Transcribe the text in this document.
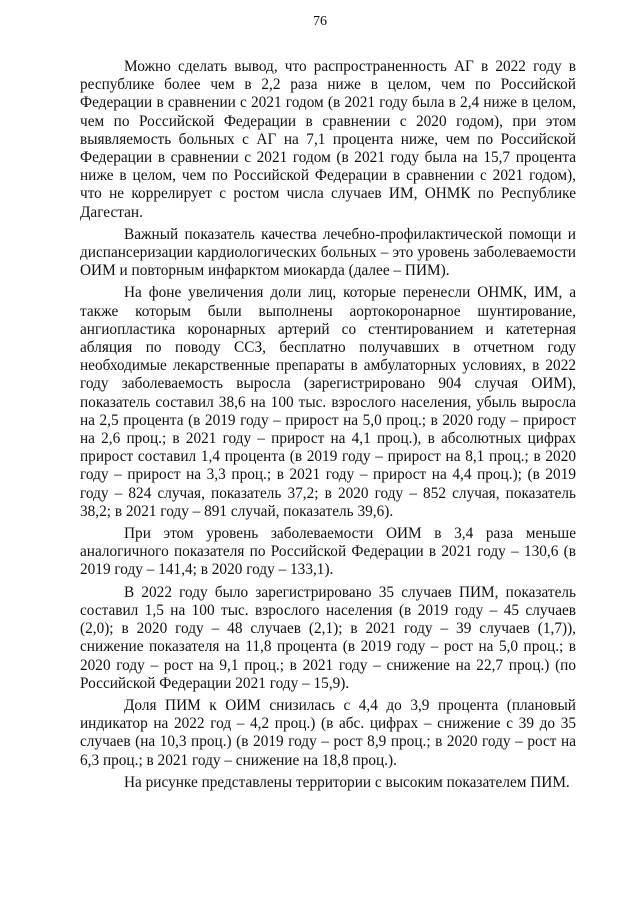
76

Можно сделать вывод, что распространенность АГ в 2022 году в республике более чем в 2,2 раза ниже в целом, чем по Российской Федерации в сравнении с 2021 годом (в 2021 году была в 2,4 ниже в целом, чем по Российской Федерации в сравнении с 2020 годом), при этом выявляемость больных с АГ на 7,1 процента ниже, чем по Российской Федерации в сравнении с 2021 годом (в 2021 году была на 15,7 процента ниже в целом, чем по Российской Федерации в сравнении с 2021 годом), что не коррелирует с ростом числа случаев ИМ, ОНМК по Республике Дагестан.

Важный показатель качества лечебно-профилактической помощи и диспансеризации кардиологических больных – это уровень заболеваемости ОИМ и повторным инфарктом миокарда (далее – ПИМ).

На фоне увеличения доли лиц, которые перенесли ОНМК, ИМ, а также которым были выполнены аортокоронарное шунтирование, ангиопластика коронарных артерий со стентированием и катетерная абляция по поводу ССЗ, бесплатно получавших в отчетном году необходимые лекарственные препараты в амбулаторных условиях, в 2022 году заболеваемость выросла (зарегистрировано 904 случая ОИМ), показатель составил 38,6 на 100 тыс. взрослого населения, убыль выросла на 2,5 процента (в 2019 году – прирост на 5,0 проц.; в 2020 году – прирост на 2,6 проц.; в 2021 году – прирост на 4,1 проц.), в абсолютных цифрах прирост составил 1,4 процента (в 2019 году – прирост на 8,1 проц.; в 2020 году – прирост на 3,3 проц.; в 2021 году – прирост на 4,4 проц.); (в 2019 году – 824 случая, показатель 37,2; в 2020 году – 852 случая, показатель 38,2; в 2021 году – 891 случай, показатель 39,6).

При этом уровень заболеваемости ОИМ в 3,4 раза меньше аналогичного показателя по Российской Федерации в 2021 году – 130,6 (в 2019 году – 141,4; в 2020 году – 133,1).

В 2022 году было зарегистрировано 35 случаев ПИМ, показатель составил 1,5 на 100 тыс. взрослого населения (в 2019 году – 45 случаев (2,0); в 2020 году – 48 случаев (2,1); в 2021 году – 39 случаев (1,7)), снижение показателя на 11,8 процента (в 2019 году – рост на 5,0 проц.; в 2020 году – рост на 9,1 проц.; в 2021 году – снижение на 22,7 проц.) (по Российской Федерации 2021 году – 15,9).

Доля ПИМ к ОИМ снизилась с 4,4 до 3,9 процента (плановый индикатор на 2022 год – 4,2 проц.) (в абс. цифрах – снижение с 39 до 35 случаев (на 10,3 проц.) (в 2019 году – рост 8,9 проц.; в 2020 году – рост на 6,3 проц.; в 2021 году – снижение на 18,8 проц.).

На рисунке представлены территории с высоким показателем ПИМ.
